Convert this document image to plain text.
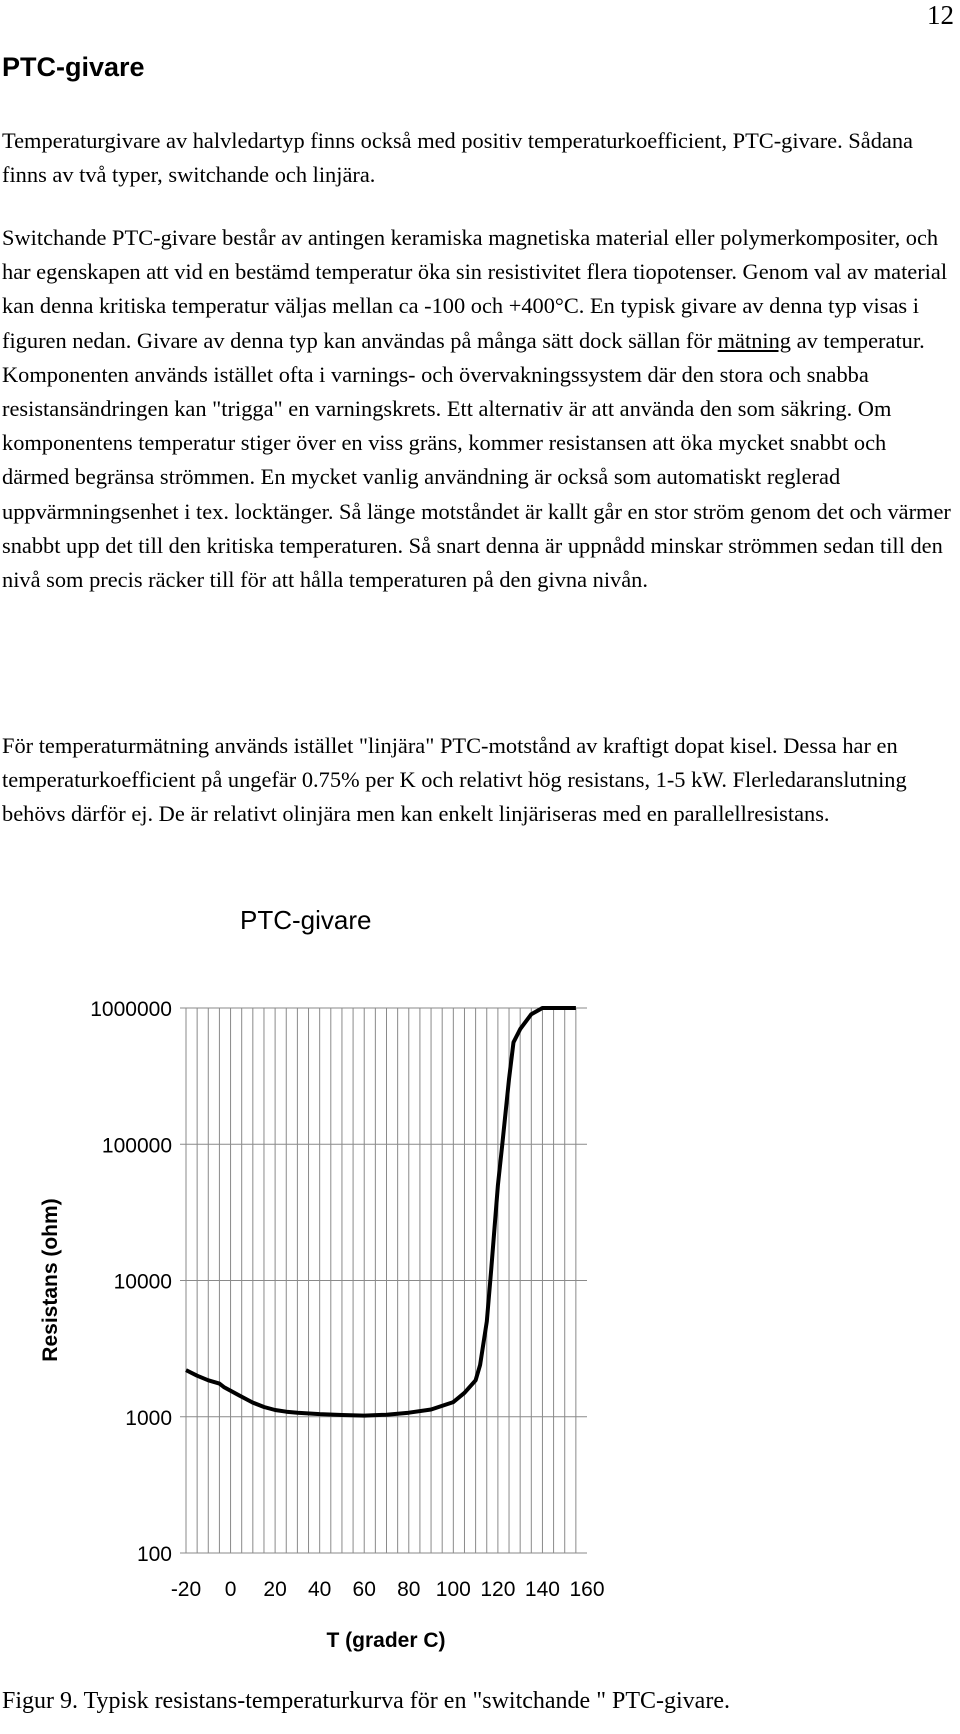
12
PTC-givare

Temperaturgivare av halvledartyp finns också med positiv temperaturkoefficient, PTC-givare. Sådana finns av två typer, switchande och linjära.

Switchande PTC-givare består av antingen keramiska magnetiska material eller polymerkompositer, och har egenskapen att vid en bestämd temperatur öka sin resistivitet flera tiopotenser. Genom val av material kan denna kritiska temperatur väljas mellan ca -100 och +400°C. En typisk givare av denna typ visas i figuren nedan. Givare av denna typ kan användas på många sätt dock sällan för mätning av temperatur. Komponenten används istället ofta i varnings- och övervakningssystem där den stora och snabba resistansändringen kan "trigga" en varningskrets. Ett alternativ är att använda den som säkring. Om komponentens temperatur stiger över en viss gräns, kommer resistansen att öka mycket snabbt och därmed begränsa strömmen. En mycket vanlig användning är också som automatiskt reglerad uppvärmningsenhet i tex. locktänger. Så länge motståndet är kallt går en stor ström genom det och värmer snabbt upp det till den kritiska temperaturen. Så snart denna är uppnådd minskar strömmen sedan till den nivå som precis räcker till för att hålla temperaturen på den givna nivån.

För temperaturmätning används istället "linjära" PTC-motstånd av kraftigt dopat kisel. Dessa har en temperaturkoefficient på ungefär 0.75% per K och relativt hög resistans, 1-5 kW. Flerledaranslutning behövs därför ej. De är relativt olinjära men kan enkelt linjäriseras med en parallellresistans.

PTC-givare
1000000
100000
10000
1000
100
-20 0 20 40 60 80 100 120 140 160
T (grader C)
Resistans (ohm)
Figur 9. Typisk resistans-temperaturkurva för en "switchande " PTC-givare.
